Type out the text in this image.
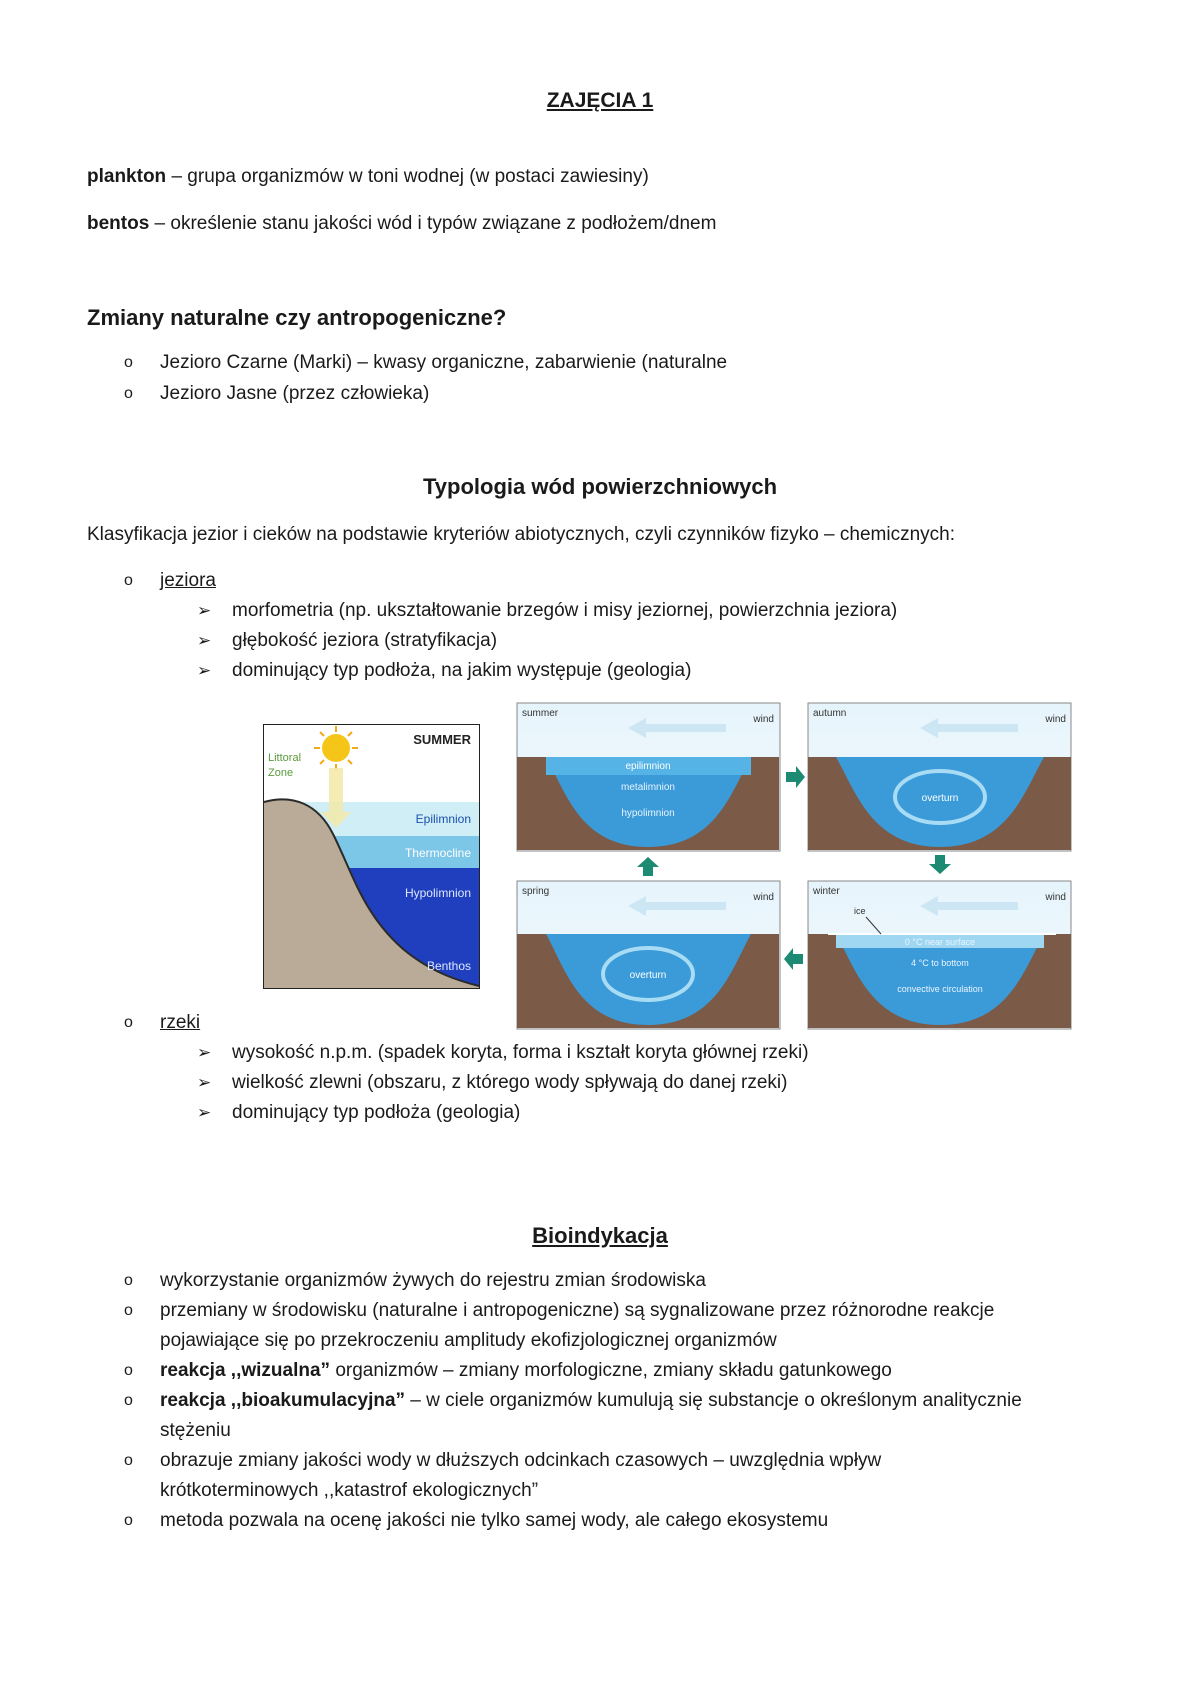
ZAJĘCIA 1
plankton – grupa organizmów w toni wodnej (w postaci zawiesiny)
bentos – określenie stanu jakości wód i typów związane z podłożem/dnem
Zmiany naturalne czy antropogeniczne?
o Jezioro Czarne (Marki) – kwasy organiczne, zabarwienie (naturalne
o Jezioro Jasne (przez człowieka)
Typologia wód powierzchniowych
Klasyfikacja jezior i cieków na podstawie kryteriów abiotycznych, czyli czynników fizyko – chemicznych:
o jeziora
➢ morfometria (np. ukształtowanie brzegów i misy jeziornej, powierzchnia jeziora)
➢ głębokość jeziora (stratyfikacja)
➢ dominujący typ podłoża, na jakim występuje (geologia)
Littoral
Zone
SUMMER
Epilimnion
Thermocline
Hypolimnion
Benthos
summer
wind
epilimnion
metalimnion
hypolimnion
autumn
wind
overturn
spring
wind
overturn
winter
wind
ice
0 °C near surface
4 °C to bottom
convective circulation
o rzeki
➢ wysokość n.p.m. (spadek koryta, forma i kształt koryta głównej rzeki)
➢ wielkość zlewni (obszaru, z którego wody spływają do danej rzeki)
➢ dominujący typ podłoża (geologia)
Bioindykacja
o wykorzystanie organizmów żywych do rejestru zmian środowiska
o przemiany w środowisku (naturalne i antropogeniczne) są sygnalizowane przez różnorodne reakcje
pojawiające się po przekroczeniu amplitudy ekofizjologicznej organizmów
o reakcja ,,wizualna” organizmów – zmiany morfologiczne, zmiany składu gatunkowego
o reakcja ,,bioakumulacyjna” – w ciele organizmów kumulują się substancje o określonym analitycznie
stężeniu
o obrazuje zmiany jakości wody w dłuższych odcinkach czasowych – uwzględnia wpływ
krótkoterminowych ,,katastrof ekologicznych”
o metoda pozwala na ocenę jakości nie tylko samej wody, ale całego ekosystemu
